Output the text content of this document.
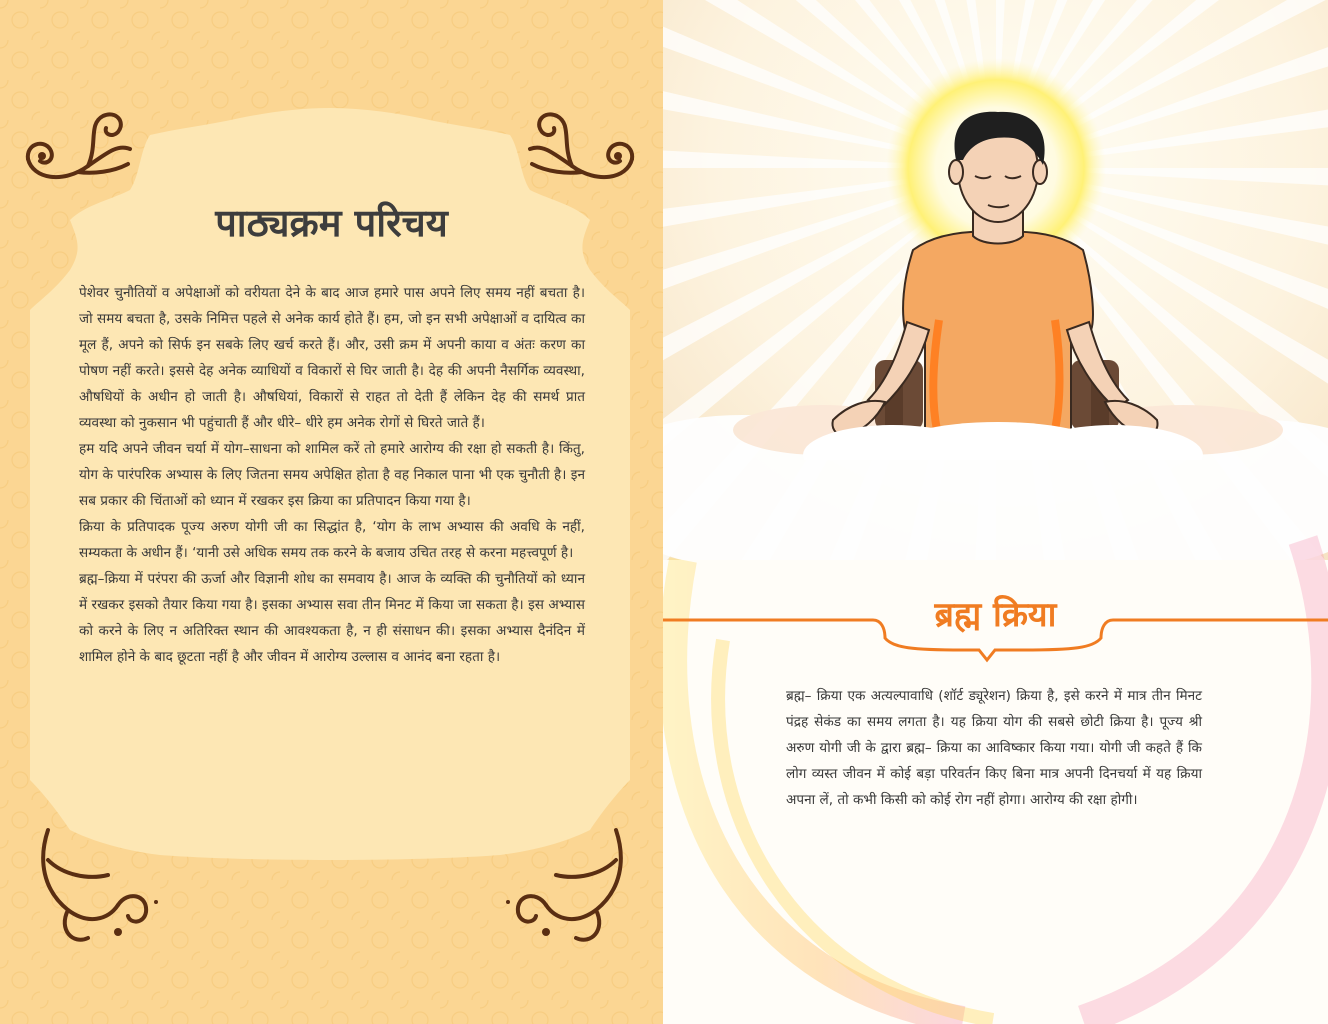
पाठ्यक्रम परिचय

पेशेवर चुनौतियों व अपेक्षाओं को वरीयता देने के बाद आज हमारे पास अपने लिए समय नहीं बचता है। जो समय बचता है, उसके निमित्त पहले से अनेक कार्य होते हैं। हम, जो इन सभी अपेक्षाओं व दायित्व का मूल हैं, अपने को सिर्फ इन सबके लिए खर्च करते हैं। और, उसी क्रम में अपनी काया व अंतः करण का पोषण नहीं करते। इससे देह अनेक व्याधियों व विकारों से घिर जाती है। देह की अपनी नैसर्गिक व्यवस्था, औषधियों के अधीन हो जाती है। औषधियां, विकारों से राहत तो देती हैं लेकिन देह की समर्थ प्रात व्यवस्था को नुकसान भी पहुंचाती हैं और धीरे– धीरे हम अनेक रोगों से घिरते जाते हैं।

हम यदि अपने जीवन चर्या में योग–साधना को शामिल करें तो हमारे आरोग्य की रक्षा हो सकती है। किंतु, योग के पारंपरिक अभ्यास के लिए जितना समय अपेक्षित होता है वह निकाल पाना भी एक चुनौती है। इन सब प्रकार की चिंताओं को ध्यान में रखकर इस क्रिया का प्रतिपादन किया गया है।

क्रिया के प्रतिपादक पूज्य अरुण योगी जी का सिद्धांत है, ‘योग के लाभ अभ्यास की अवधि के नहीं, सम्यकता के अधीन हैं। ‘यानी उसे अधिक समय तक करने के बजाय उचित तरह से करना महत्त्वपूर्ण है।

ब्रह्म–क्रिया में परंपरा की ऊर्जा और विज्ञानी शोध का समवाय है। आज के व्यक्ति की चुनौतियों को ध्यान में रखकर इसको तैयार किया गया है। इसका अभ्यास सवा तीन मिनट में किया जा सकता है। इस अभ्यास को करने के लिए न अतिरिक्त स्थान की आवश्यकता है, न ही संसाधन की। इसका अभ्यास दैनंदिन में शामिल होने के बाद छूटता नहीं है और जीवन में आरोग्य उल्लास व आनंद बना रहता है।

ब्रह्म क्रिया
ब्रह्म– क्रिया एक अत्यल्पावाधि (शॉर्ट ड्यूरेशन) क्रिया है, इसे करने में मात्र तीन मिनट पंद्रह सेकंड का समय लगता है। यह क्रिया योग की सबसे छोटी क्रिया है। पूज्य श्री अरुण योगी जी के द्वारा ब्रह्म– क्रिया का आविष्कार किया गया। योगी जी कहते हैं कि लोग व्यस्त जीवन में कोई बड़ा परिवर्तन किए बिना मात्र अपनी दिनचर्या में यह क्रिया अपना लें, तो कभी किसी को कोई रोग नहीं होगा। आरोग्य की रक्षा होगी।
